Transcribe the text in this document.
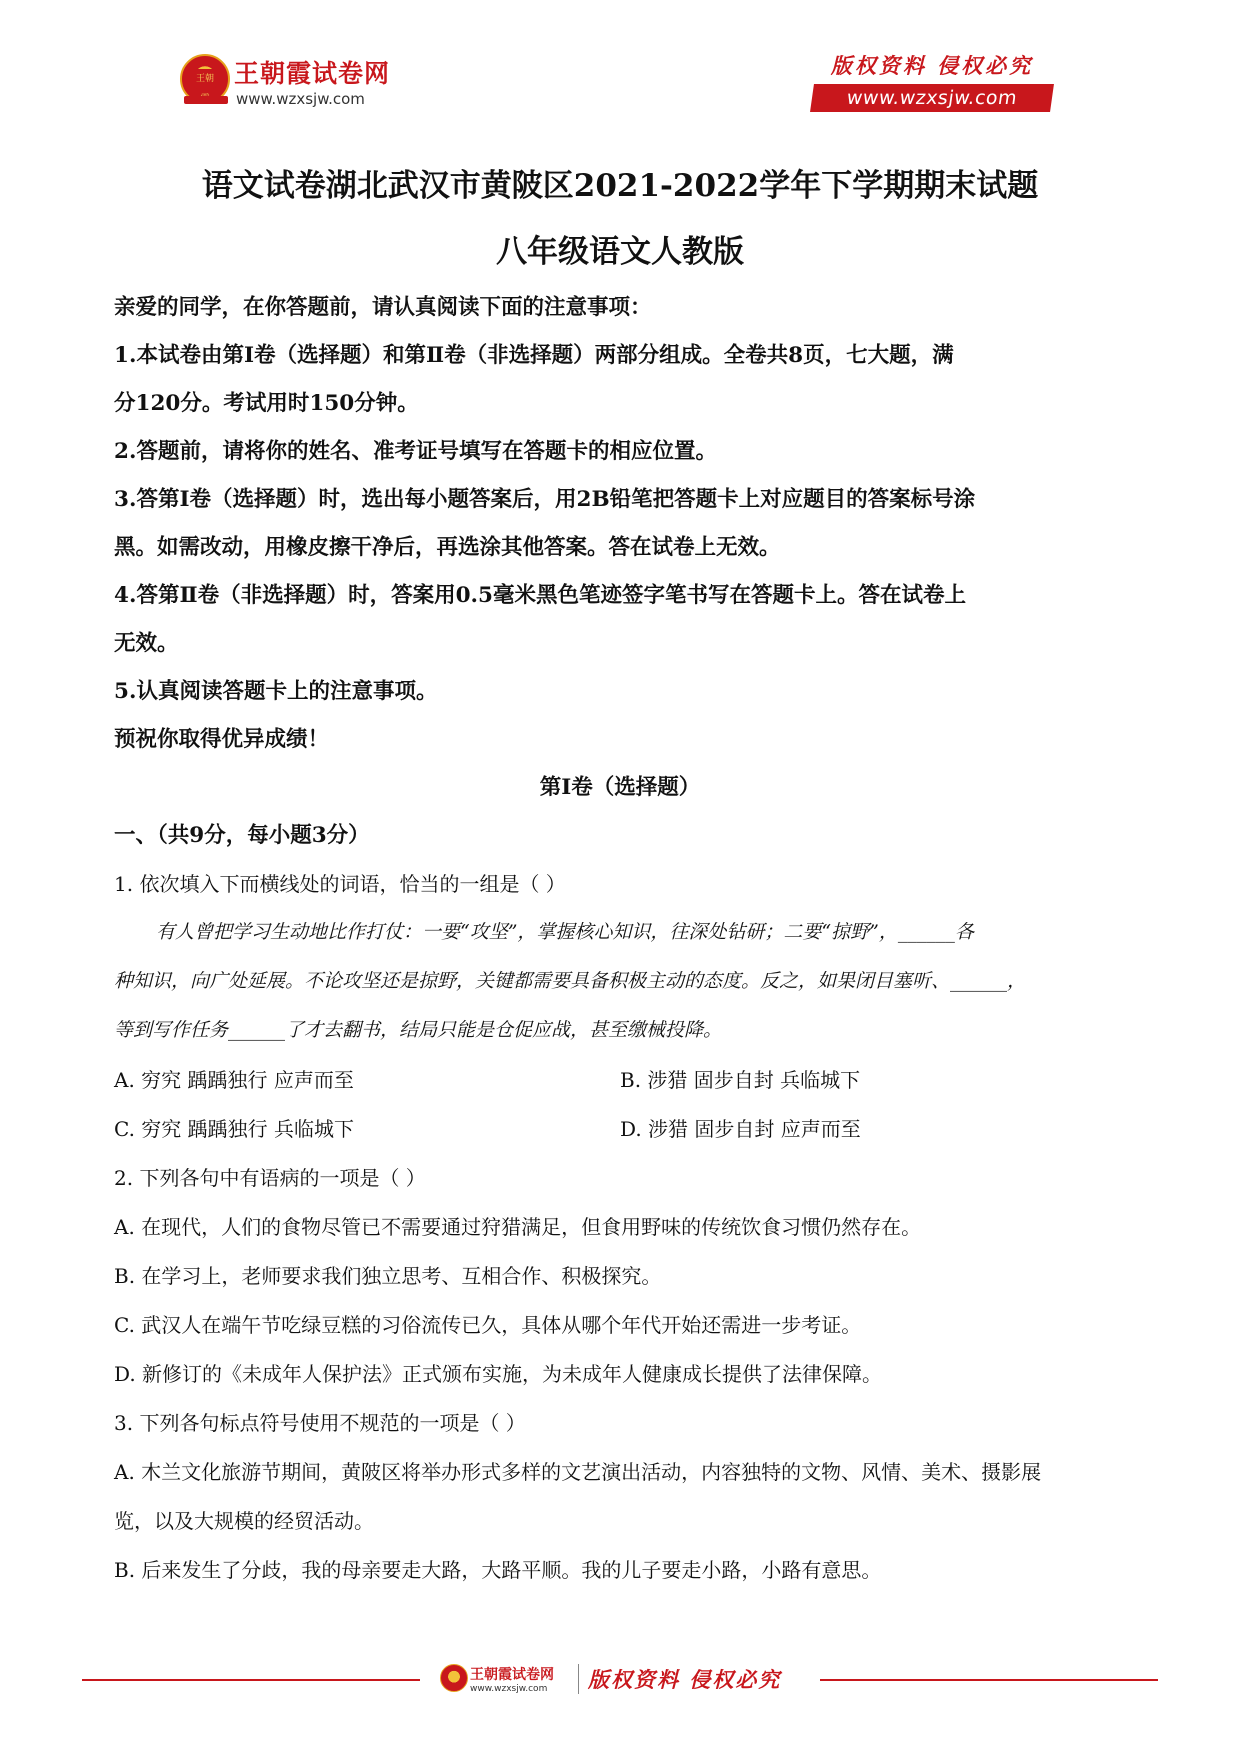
王朝 王朝霞试卷网
www.wzxsjw.com
版权资料 侵权必究
www.wzxsjw.com
语文试卷湖北武汉市黄陂区2021-2022学年下学期期末试题
八年级语文人教版
亲爱的同学，在你答题前，请认真阅读下面的注意事项：
1.本试卷由第Ⅰ卷（选择题）和第Ⅱ卷（非选择题）两部分组成。全卷共8页，七大题，满
分120分。考试用时150分钟。
2.答题前，请将你的姓名、准考证号填写在答题卡的相应位置。
3.答第Ⅰ卷（选择题）时，选出每小题答案后，用2B铅笔把答题卡上对应题目的答案标号涂
黑。如需改动，用橡皮擦干净后，再选涂其他答案。答在试卷上无效。
4.答第Ⅱ卷（非选择题）时，答案用0.5毫米黑色笔迹签字笔书写在答题卡上。答在试卷上
无效。
5.认真阅读答题卡上的注意事项。
预祝你取得优异成绩！
第Ⅰ卷（选择题）
一、（共9分，每小题3分）
1. 依次填入下而横线处的词语，恰当的一组是（ ）
有人曾把学习生动地比作打仗：一要“攻坚”，掌握核心知识，往深处钻研；二要“掠野”，______各
种知识，向广处延展。不论攻坚还是掠野，关键都需要具备积极主动的态度。反之，如果闭目塞听、______，
等到写作任务______了才去翻书，结局只能是仓促应战，甚至缴械投降。
A. 穷究 踽踽独行 应声而至	B. 涉猎 固步自封 兵临城下
C. 穷究 踽踽独行 兵临城下	D. 涉猎 固步自封 应声而至
2. 下列各句中有语病的一项是（ ）
A. 在现代，人们的食物尽管已不需要通过狩猎满足，但食用野味的传统饮食习惯仍然存在。
B. 在学习上，老师要求我们独立思考、互相合作、积极探究。
C. 武汉人在端午节吃绿豆糕的习俗流传已久，具体从哪个年代开始还需进一步考证。
D. 新修订的《未成年人保护法》正式颁布实施，为未成年人健康成长提供了法律保障。
3. 下列各句标点符号使用不规范的一项是（ ）
A. 木兰文化旅游节期间，黄陂区将举办形式多样的文艺演出活动，内容独特的文物、风情、美术、摄影展
览，以及大规模的经贸活动。
B. 后来发生了分歧，我的母亲要走大路，大路平顺。我的儿子要走小路，小路有意思。
王朝霞试卷网
www.wzxsjw.com 版权资料 侵权必究
